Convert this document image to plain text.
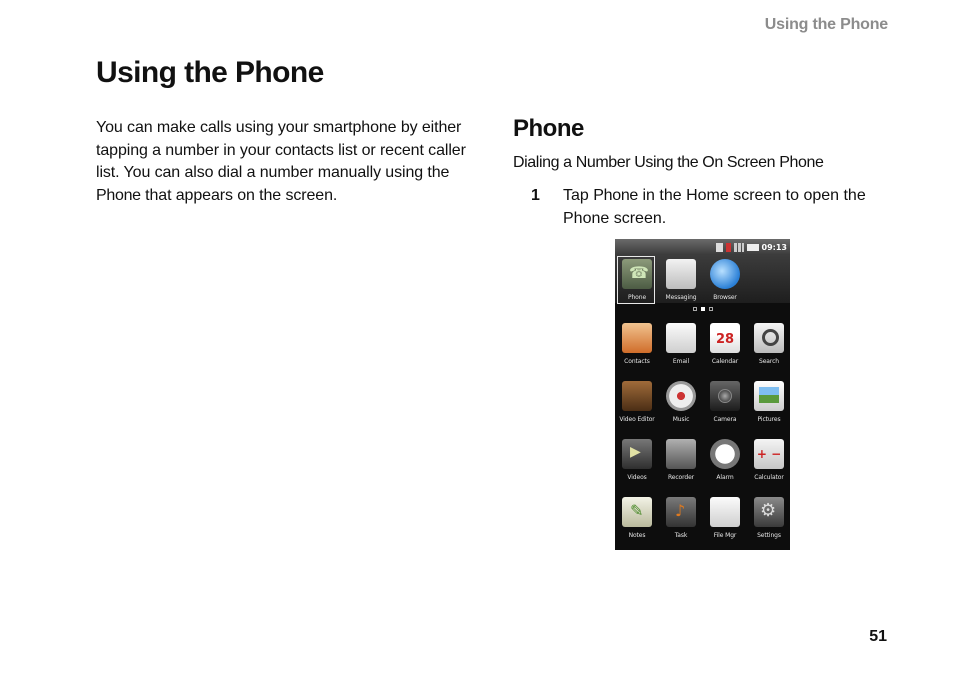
Using the Phone
Using the Phone

You can make calls using your smartphone by either tapping a number in your contacts list or recent caller list. You can also dial a number manually using the Phone that appears on the screen.

Phone
Dialing a Number Using the On Screen Phone
1	Tap Phone in the Home screen to open the Phone screen.
09:13
☎
Phone	Messaging	Browser
Contacts	Email
28
Calendar	Search
Video Editor	Music	Camera	Pictures
▶
Videos	Recorder	Alarm
+ −
Calculator
✎
Notes
♪	Task	File Mgr
⚙	Settings
51
